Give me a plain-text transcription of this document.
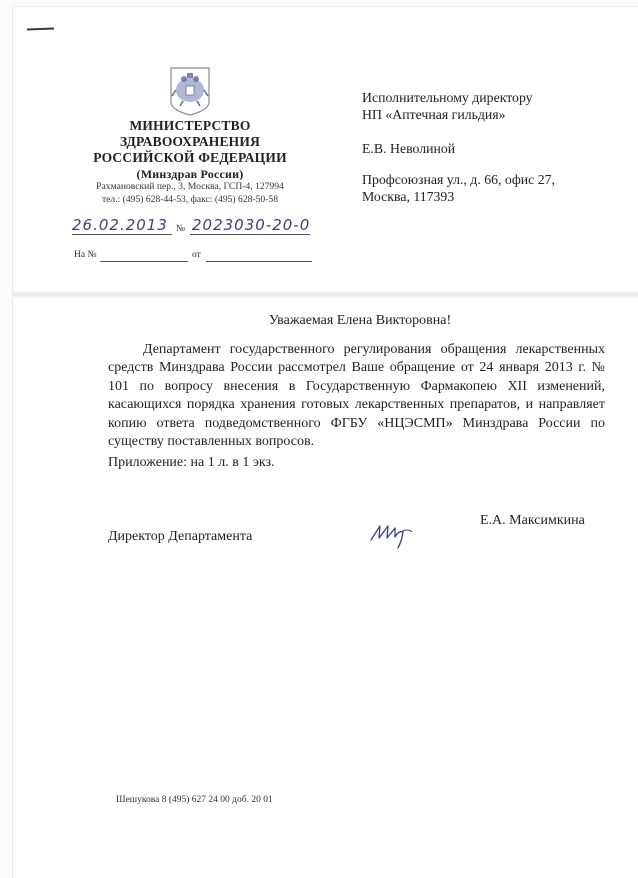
МИНИСТЕРСТВО
ЗДРАВООХРАНЕНИЯ
РОССИЙСКОЙ ФЕДЕРАЦИИ
(Минздрав России)
Рахмановский пер., 3, Москва, ГСП-4, 127994
тел.: (495) 628-44-53, факс: (495) 628-50-58
26.02.2013 № 2023030-20-0
На №	от
Исполнительному директору
НП «Аптечная гильдия»
Е.В. Неволиной
Профсоюзная ул., д. 66, офис 27,
Москва, 117393
Уважаемая Елена Викторовна!
Департамент государственного регулирования обращения лекарственных средств Минздрава России рассмотрел Ваше обращение от 24 января 2013 г. № 101 по вопросу внесения в Государственную Фармакопею XII изменений, касающихся порядка хранения готовых лекарственных препаратов, и направляет копию ответа подведомственного ФГБУ «НЦЭСМП» Минздрава России по существу поставленных вопросов.
Приложение: на 1 л. в 1 экз.
Директор Департамента
Е.А. Максимкина
Шешукова 8 (495) 627 24 00 доб. 20 01
